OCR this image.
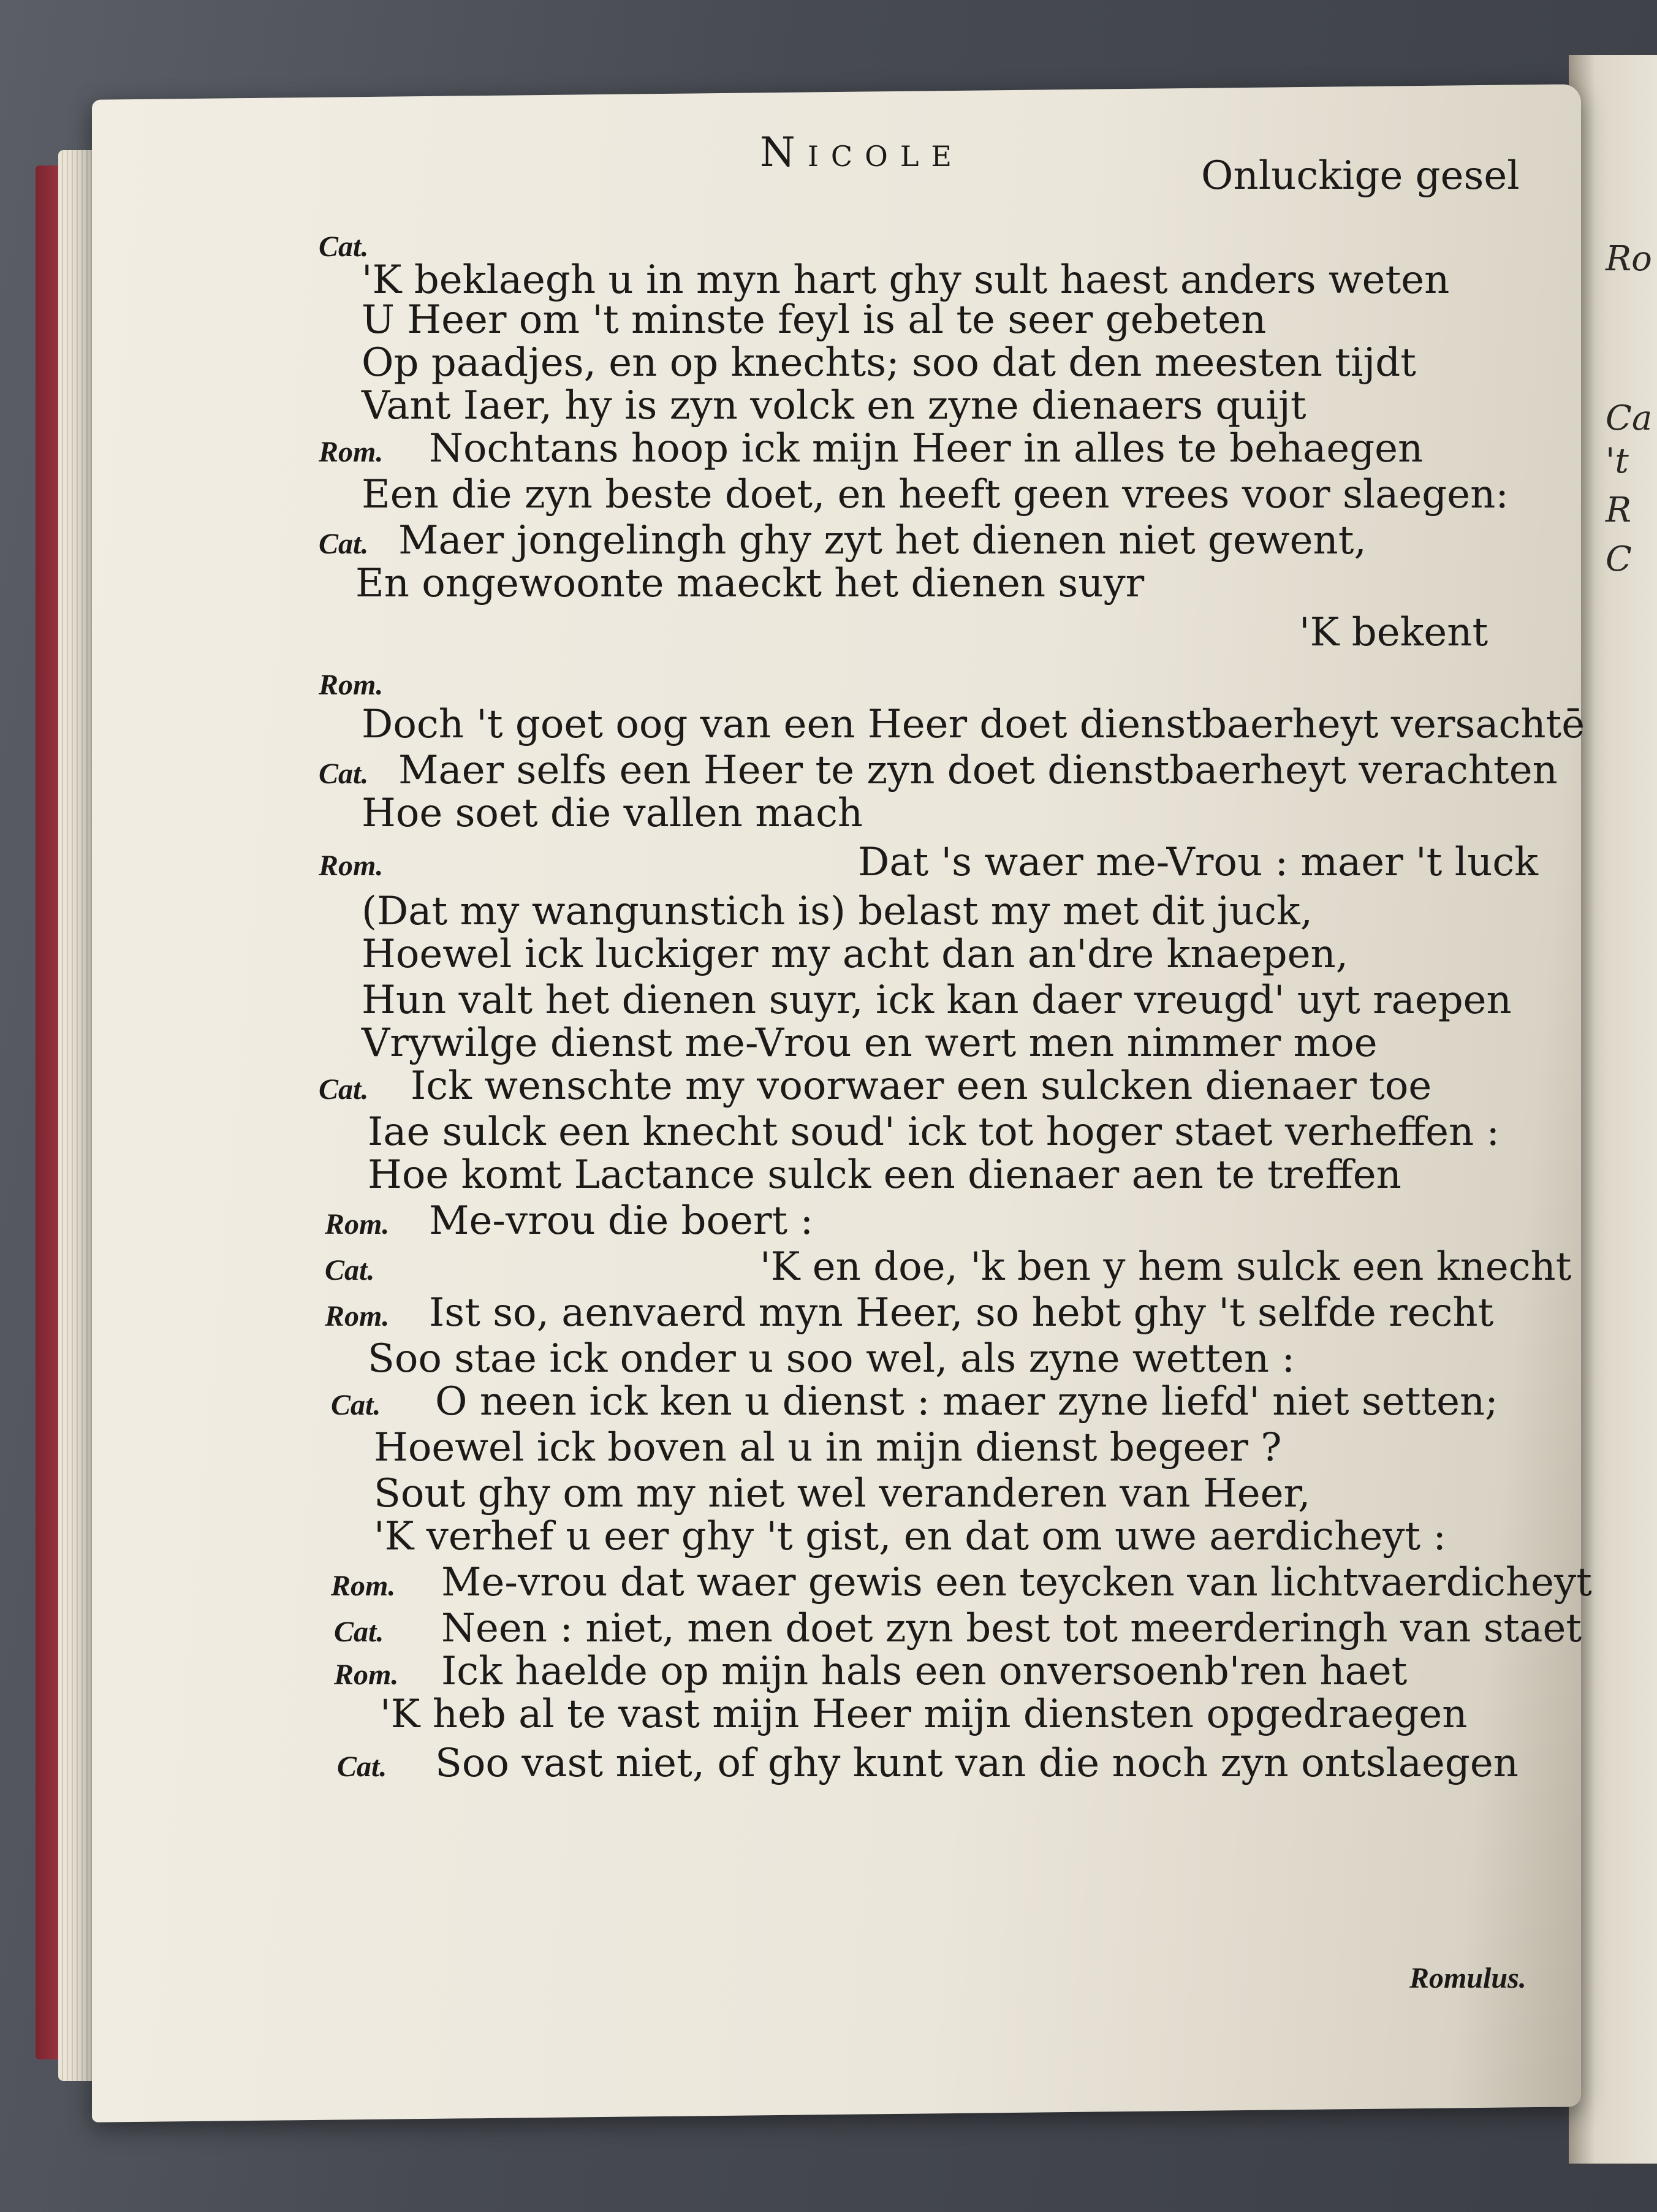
Ro
Ca
't
R
C
Nicole	Onluckige gesel
Cat.
'K beklaegh u in myn hart ghy sult haest anders weten
U Heer om 't minste feyl is al te seer gebeten
Op paadjes, en op knechts; soo dat den meesten tijdt
Vant Iaer, hy is zyn volck en zyne dienaers quijt
Rom. Nochtans hoop ick mijn Heer in alles te behaegen
Een die zyn beste doet, en heeft geen vrees voor slaegen:
Cat. Maer jongelingh ghy zyt het dienen niet gewent,
En ongewoonte maeckt het dienen suyr
'K bekent
Rom.
Doch 't goet oog van een Heer doet dienstbaerheyt versachtē
Cat. Maer selfs een Heer te zyn doet dienstbaerheyt verachten
Hoe soet die vallen mach
Rom.	Dat 's waer me-Vrou : maer 't luck
(Dat my wangunstich is) belast my met dit juck,
Hoewel ick luckiger my acht dan an'dre knaepen,
Hun valt het dienen suyr, ick kan daer vreugd' uyt raepen
Vrywilge dienst me-Vrou en wert men nimmer moe
Cat. Ick wenschte my voorwaer een sulcken dienaer toe
Iae sulck een knecht soud' ick tot hoger staet verheffen :
Hoe komt Lactance sulck een dienaer aen te treffen
Rom. Me-vrou die boert :
Cat.	'K en doe, 'k ben y hem sulck een knecht
Rom. Ist so, aenvaerd myn Heer, so hebt ghy 't selfde recht
Soo stae ick onder u soo wel, als zyne wetten :
Cat. O neen ick ken u dienst : maer zyne liefd' niet setten;
Hoewel ick boven al u in mijn dienst begeer ?
Sout ghy om my niet wel veranderen van Heer,
'K verhef u eer ghy 't gist, en dat om uwe aerdicheyt :
Rom. Me-vrou dat waer gewis een teycken van lichtvaerdicheyt
Cat. Neen : niet, men doet zyn best tot meerderingh van staet
Rom. Ick haelde op mijn hals een onversoenb'ren haet
'K heb al te vast mijn Heer mijn diensten opgedraegen
Cat. Soo vast niet, of ghy kunt van die noch zyn ontslaegen
Romulus.
